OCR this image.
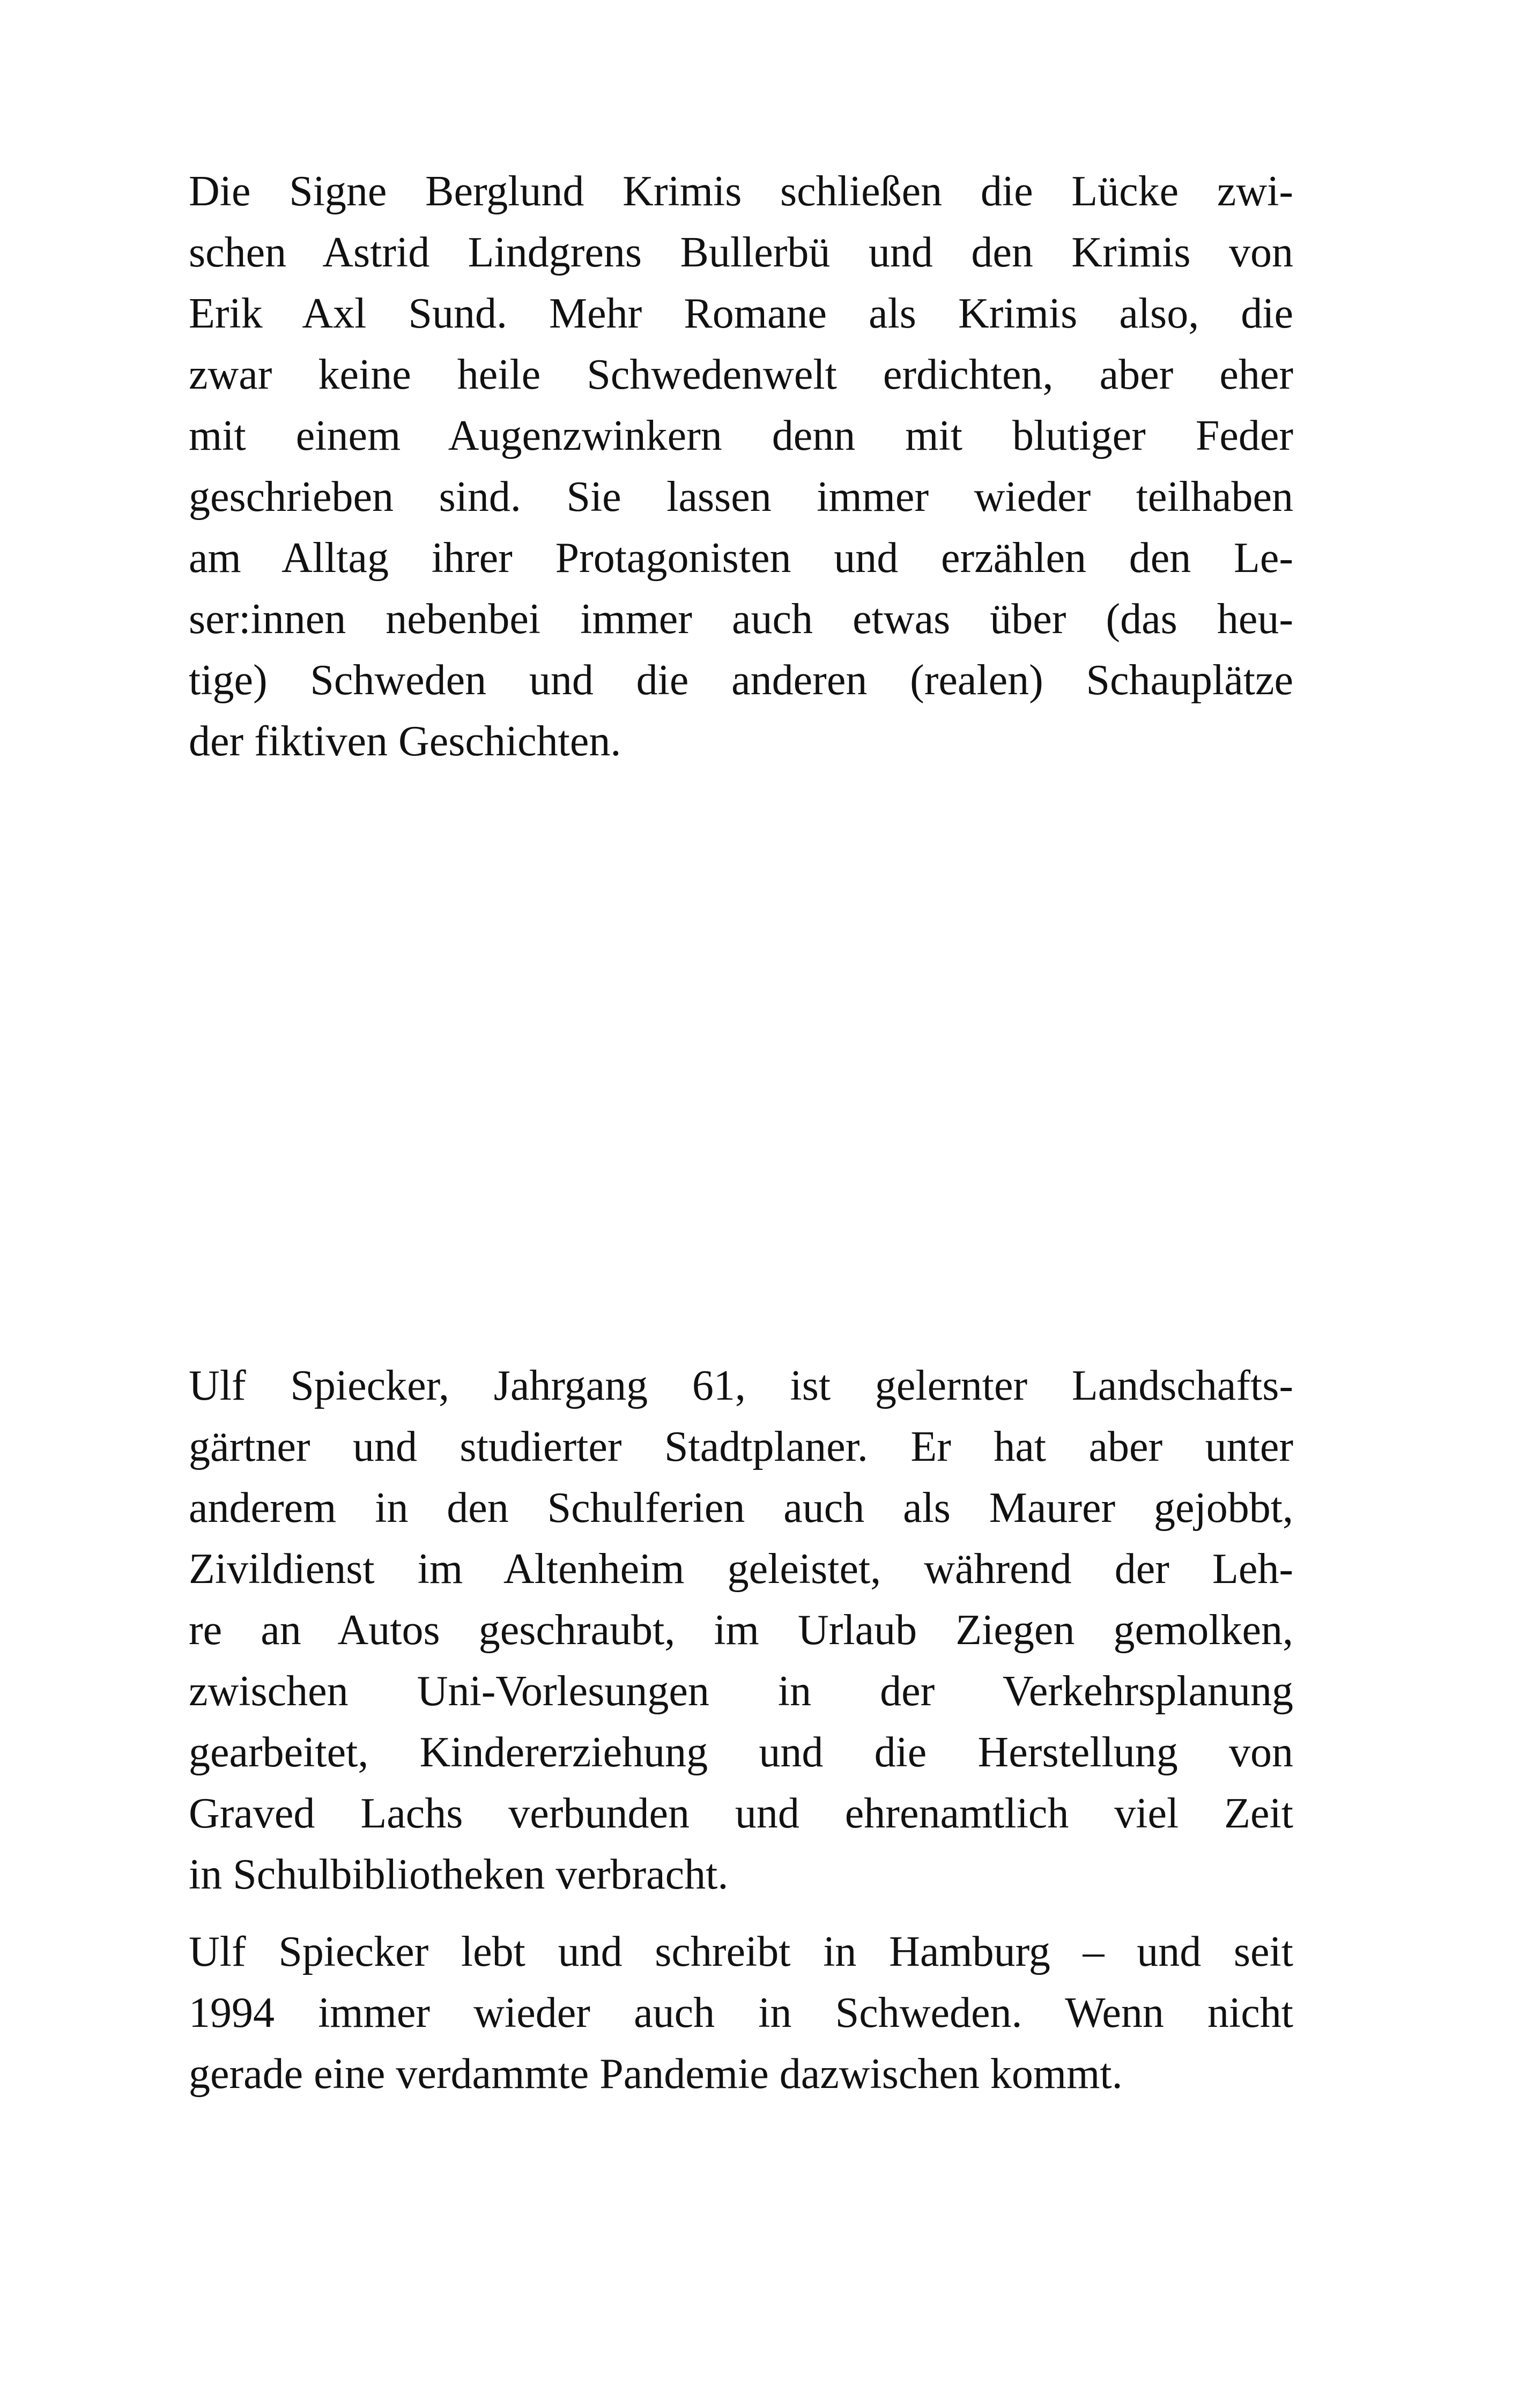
Die Signe Berglund Krimis schließen die Lücke zwi-
schen Astrid Lindgrens Bullerbü und den Krimis von
Erik Axl Sund. Mehr Romane als Krimis also, die
zwar keine heile Schwedenwelt erdichten, aber eher
mit einem Augenzwinkern denn mit blutiger Feder
geschrieben sind. Sie lassen immer wieder teilhaben
am Alltag ihrer Protagonisten und erzählen den Le-
ser:innen nebenbei immer auch etwas über (das heu-
tige) Schweden und die anderen (realen) Schauplätze
der fiktiven Geschichten.
Ulf Spiecker, Jahrgang 61, ist gelernter Landschafts-
gärtner und studierter Stadtplaner. Er hat aber unter
anderem in den Schulferien auch als Maurer gejobbt,
Zivildienst im Altenheim geleistet, während der Leh-
re an Autos geschraubt, im Urlaub Ziegen gemolken,
zwischen Uni-Vorlesungen in der Verkehrsplanung
gearbeitet, Kindererziehung und die Herstellung von
Graved Lachs verbunden und ehrenamtlich viel Zeit
in Schulbibliotheken verbracht.
Ulf Spiecker lebt und schreibt in Hamburg – und seit
1994 immer wieder auch in Schweden. Wenn nicht
gerade eine verdammte Pandemie dazwischen kommt.
